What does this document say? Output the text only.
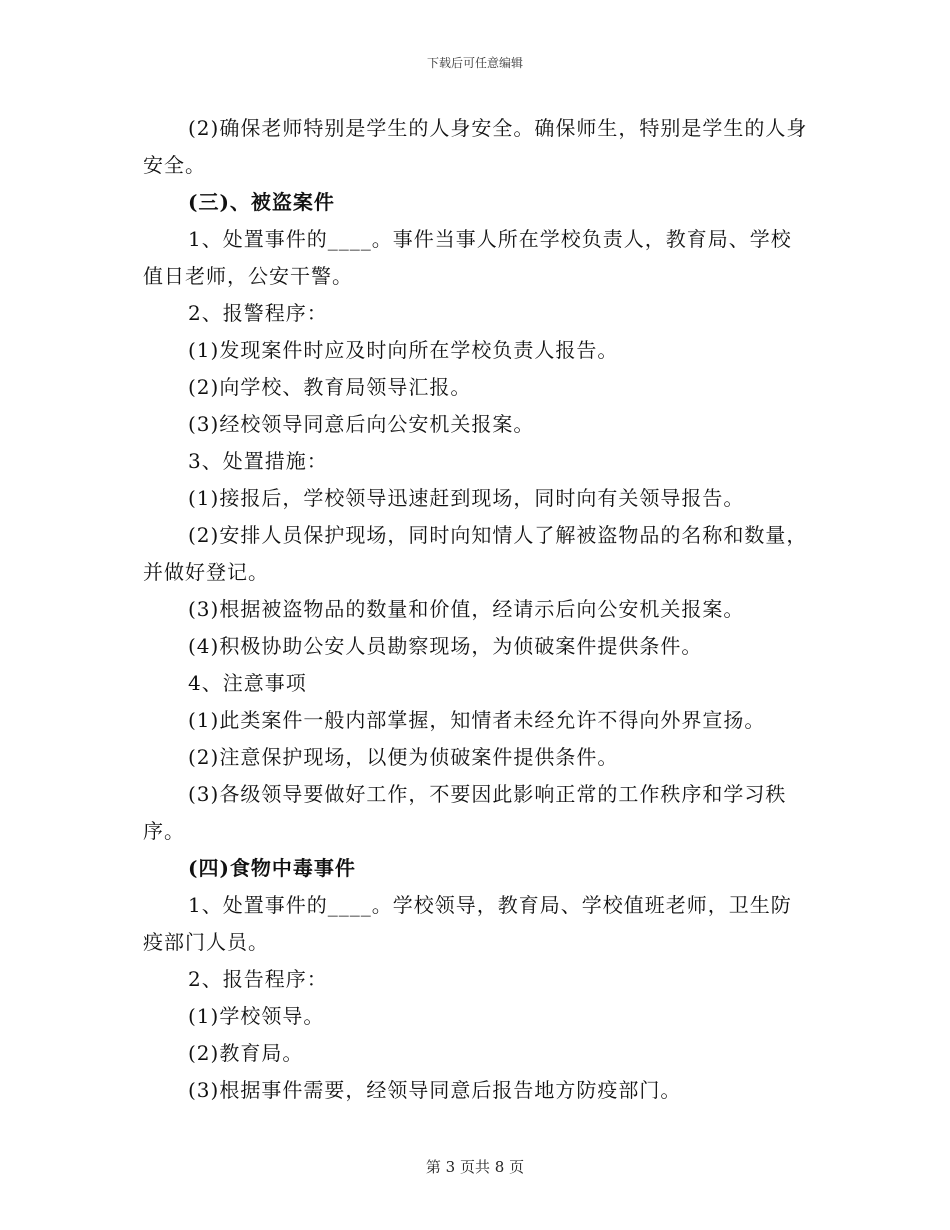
下载后可任意编辑

(2)确保老师特别是学生的人身安全。确保师生，特别是学生的人身安全。

(三)、被盗案件

1、处置事件的____。事件当事人所在学校负责人，教育局、学校值日老师，公安干警。

2、报警程序：

(1)发现案件时应及时向所在学校负责人报告。

(2)向学校、教育局领导汇报。

(3)经校领导同意后向公安机关报案。

3、处置措施：

(1)接报后，学校领导迅速赶到现场，同时向有关领导报告。

(2)安排人员保护现场，同时向知情人了解被盗物品的名称和数量，并做好登记。

(3)根据被盗物品的数量和价值，经请示后向公安机关报案。

(4)积极协助公安人员勘察现场，为侦破案件提供条件。

4、注意事项

(1)此类案件一般内部掌握，知情者未经允许不得向外界宣扬。

(2)注意保护现场，以便为侦破案件提供条件。

(3)各级领导要做好工作，不要因此影响正常的工作秩序和学习秩序。

(四)食物中毒事件

1、处置事件的____。学校领导，教育局、学校值班老师，卫生防疫部门人员。

2、报告程序：

(1)学校领导。

(2)教育局。

(3)根据事件需要，经领导同意后报告地方防疫部门。

第 3 页共 8 页
